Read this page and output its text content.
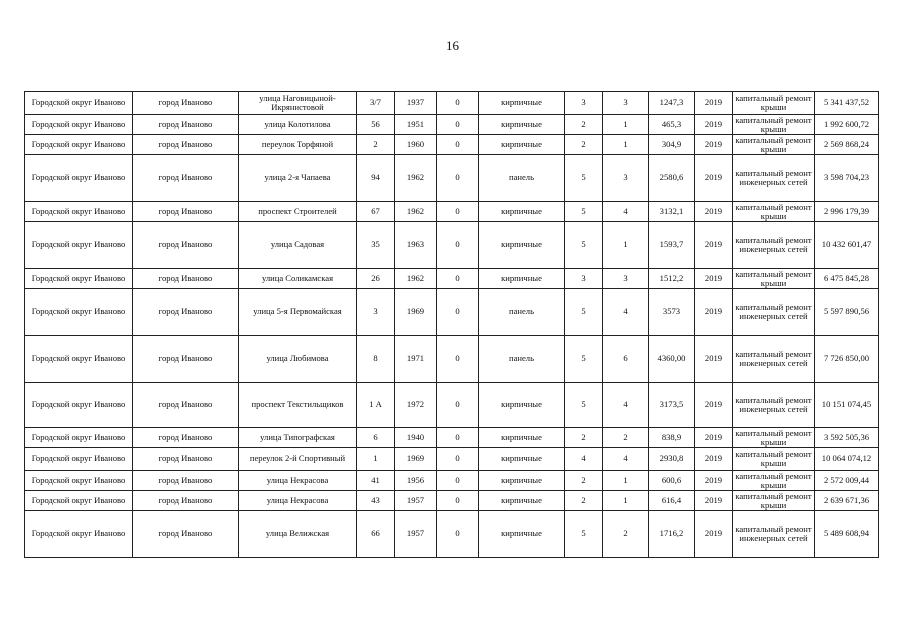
16
Городской округ Иваново	город Иваново	улица Наговицыной-Икрянистовой	3/7	1937	0	кирпичные	3	3	1247,3	2019	капитальный ремонт крыши	5 341 437,52
Городской округ Иваново	город Иваново	улица Колотилова	56	1951	0	кирпичные	2	1	465,3	2019	капитальный ремонт крыши	1 992 600,72
Городской округ Иваново	город Иваново	переулок Торфяной	2	1960	0	кирпичные	2	1	304,9	2019	капитальный ремонт крыши	2 569 868,24
Городской округ Иваново	город Иваново	улица 2-я Чапаева	94	1962	0	панель	5	3	2580,6	2019	капитальный ремонт инженерных сетей	3 598 704,23
Городской округ Иваново	город Иваново	проспект Строителей	67	1962	0	кирпичные	5	4	3132,1	2019	капитальный ремонт крыши	2 996 179,39
Городской округ Иваново	город Иваново	улица Садовая	35	1963	0	кирпичные	5	1	1593,7	2019	капитальный ремонт инженерных сетей	10 432 601,47
Городской округ Иваново	город Иваново	улица Соликамская	26	1962	0	кирпичные	3	3	1512,2	2019	капитальный ремонт крыши	6 475 845,28
Городской округ Иваново	город Иваново	улица 5-я Первомайская	3	1969	0	панель	5	4	3573	2019	капитальный ремонт инженерных сетей	5 597 890,56
Городской округ Иваново	город Иваново	улица Любимова	8	1971	0	панель	5	6	4360,00	2019	капитальный ремонт инженерных сетей	7 726 850,00
Городской округ Иваново	город Иваново	проспект Текстильщиков	1 А	1972	0	кирпичные	5	4	3173,5	2019	капитальный ремонт инженерных сетей	10 151 074,45
Городской округ Иваново	город Иваново	улица Типографская	6	1940	0	кирпичные	2	2	838,9	2019	капитальный ремонт крыши	3 592 505,36
Городской округ Иваново	город Иваново	переулок 2-й Спортивный	1	1969	0	кирпичные	4	4	2930,8	2019	капитальный ремонт крыши	10 064 074,12
Городской округ Иваново	город Иваново	улица Некрасова	41	1956	0	кирпичные	2	1	600,6	2019	капитальный ремонт крыши	2 572 009,44
Городской округ Иваново	город Иваново	улица Некрасова	43	1957	0	кирпичные	2	1	616,4	2019	капитальный ремонт крыши	2 639 671,36
Городской округ Иваново	город Иваново	улица Велижская	66	1957	0	кирпичные	5	2	1716,2	2019	капитальный ремонт инженерных сетей	5 489 608,94
